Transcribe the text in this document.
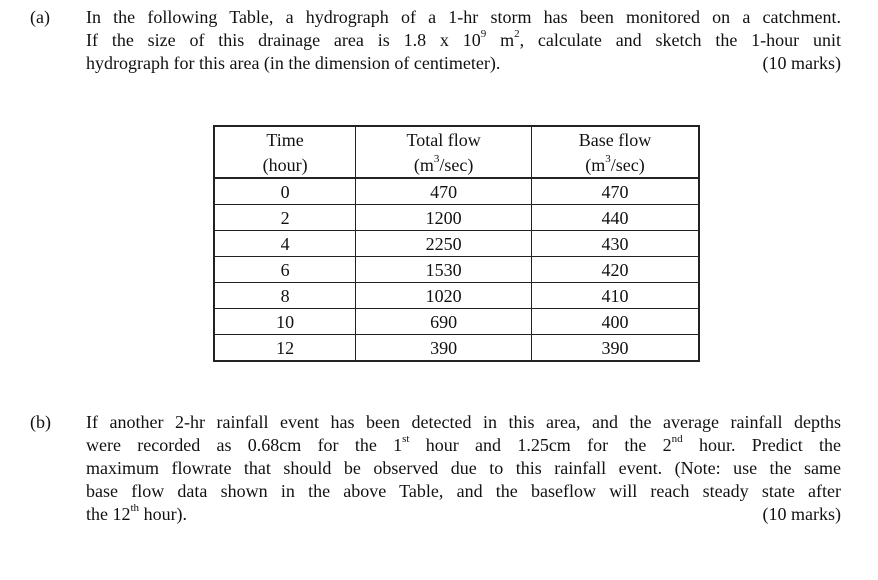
(a) In the following Table, a hydrograph of a 1-hr storm has been monitored on a catchment.
If the size of this drainage area is 1.8 x $10^9$ $m^2$, calculate and sketch the 1-hour unit
hydrograph for this area (in the dimension of centimeter).	(10 marks)
Time	Total flow	Base flow
(hour)	$(m^3/\sec)$	$(m^3/\sec)$
0	470	470
2	1200	440
4	2250	430
6	1530	420
8	1020	410
10	690	400
12	390	390
(b) If another 2-hr rainfall event has been detected in this area, and the average rainfall depths
were recorded as 0.68cm for the 1st hour and 1.25cm for the 2nd hour. Predict the
maximum flowrate that should be observed due to this rainfall event. (Note: use the same
base flow data shown in the above Table, and the baseflow will reach steady state after
the 12th hour).	(10 marks)
